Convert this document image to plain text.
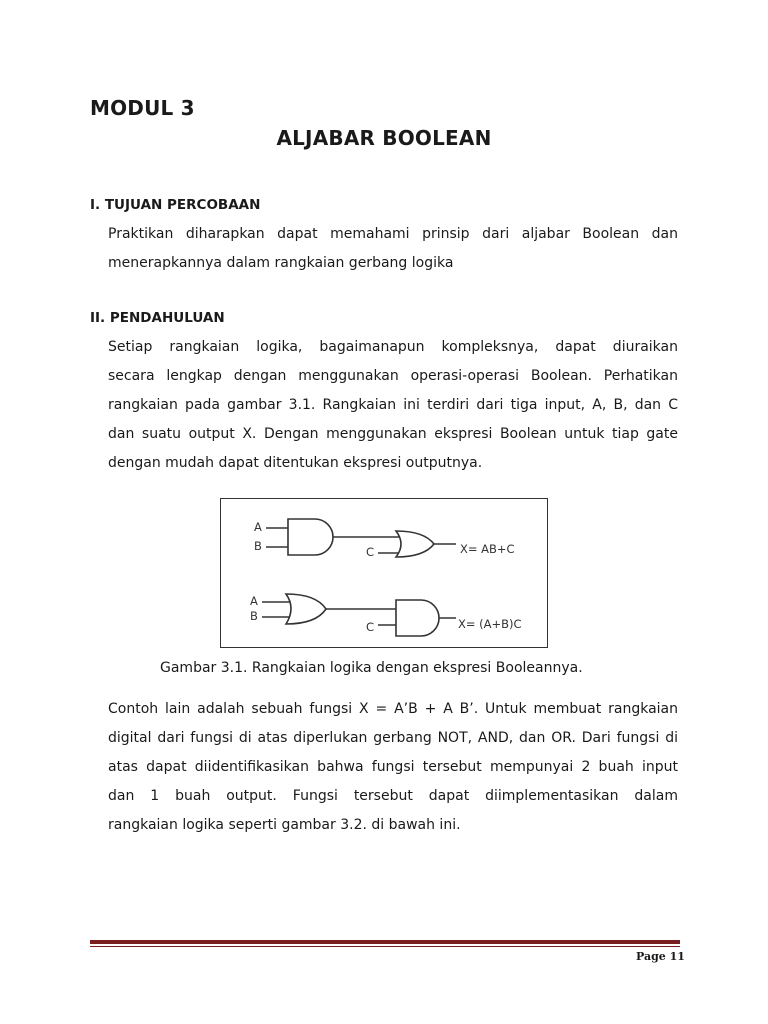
MODUL 3
ALJABAR BOOLEAN
I. TUJUAN PERCOBAAN
Praktikan diharapkan dapat memahami prinsip dari aljabar Boolean dan
menerapkannya dalam rangkaian gerbang logika
II. PENDAHULUAN
Setiap rangkaian logika, bagaimanapun kompleksnya, dapat diuraikan
secara lengkap dengan menggunakan operasi-operasi Boolean. Perhatikan
rangkaian pada gambar 3.1. Rangkaian ini terdiri dari tiga input, A, B, dan C
dan suatu output X. Dengan menggunakan ekspresi Boolean untuk tiap gate
dengan mudah dapat ditentukan ekspresi outputnya.
A
B	C	X= AB+C
A
B
C	X= (A+B)C
Gambar 3.1. Rangkaian logika dengan ekspresi Booleannya.
Contoh lain adalah sebuah fungsi X = A’B + A B’. Untuk membuat rangkaian
digital dari fungsi di atas diperlukan gerbang NOT, AND, dan OR. Dari fungsi di
atas dapat diidentifikasikan bahwa fungsi tersebut mempunyai 2 buah input
dan 1 buah output. Fungsi tersebut dapat diimplementasikan dalam
rangkaian logika seperti gambar 3.2. di bawah ini.
Page 11
